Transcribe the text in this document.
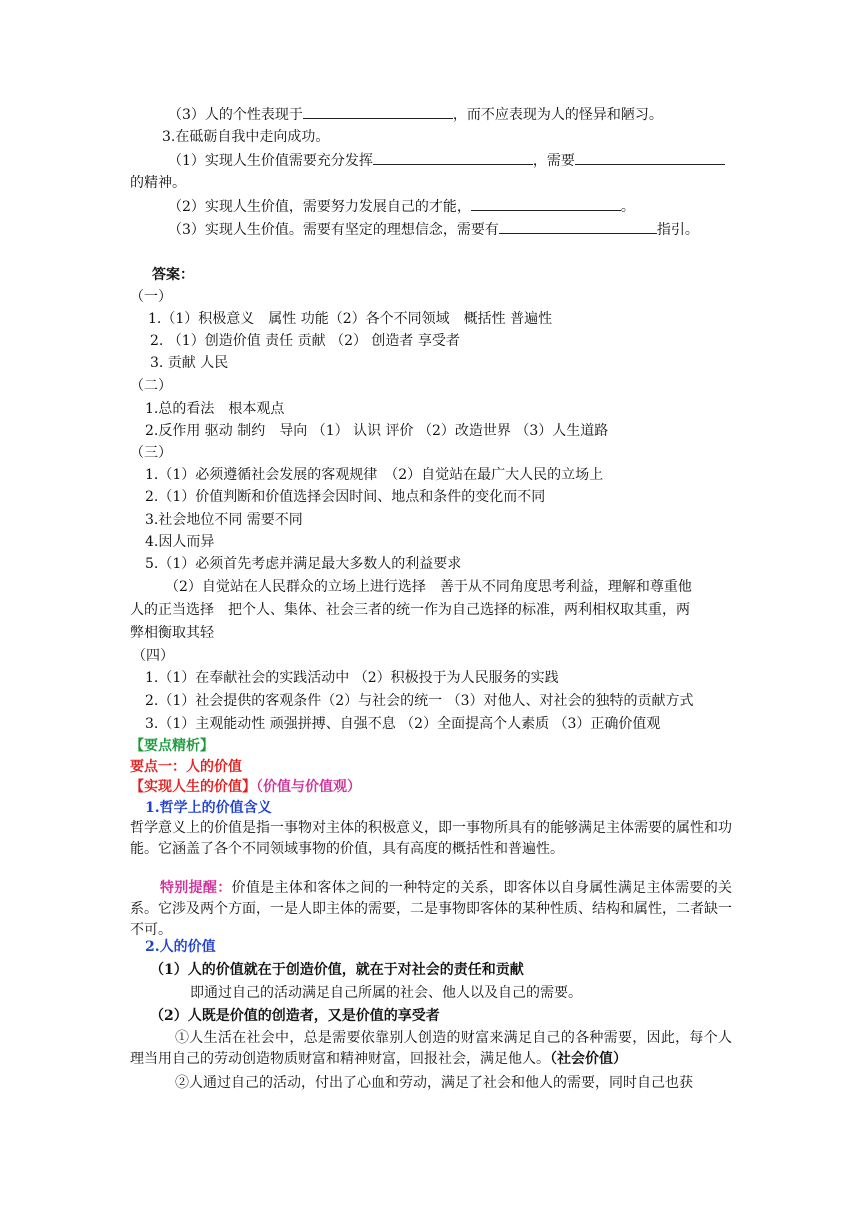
（3）人的个性表现于	，而不应表现为人的怪异和陋习。
3.在砥砺自我中走向成功。
（1）实现人生价值需要充分发挥	，需要
的精神。
（2）实现人生价值，需要努力发展自己的才能，	。
（3）实现人生价值。需要有坚定的理想信念，需要有	指引。
答案：
（一）
1.（1）积极意义　属性 功能（2）各个不同领域　概括性 普遍性
2. （1）创造价值 责任 贡献 （2） 创造者 享受者
3. 贡献 人民
（二）
1.总的看法　根本观点
2.反作用 驱动 制约　导向 （1） 认识 评价 （2）改造世界 （3）人生道路
（三）
1.（1）必须遵循社会发展的客观规律　（2）自觉站在最广大人民的立场上
2.（1）价值判断和价值选择会因时间、地点和条件的变化而不同
3.社会地位不同 需要不同
4.因人而异
5.（1）必须首先考虑并满足最大多数人的利益要求
（2）自觉站在人民群众的立场上进行选择　善于从不同角度思考利益，理解和尊重他
人的正当选择　把个人、集体、社会三者的统一作为自己选择的标准，两利相权取其重，两
弊相衡取其轻
（四）
1.（1）在奉献社会的实践活动中 （2）积极投于为人民服务的实践
2.（1）社会提供的客观条件（2）与社会的统一 （3）对他人、对社会的独特的贡献方式
3.（1）主观能动性 顽强拼搏、自强不息 （2）全面提高个人素质 （3）正确价值观
【要点精析】
要点一：人的价值
【实现人生的价值】（价值与价值观）
1.哲学上的价值含义
哲学意义上的价值是指一事物对主体的积极意义，即一事物所具有的能够满足主体需要的属性和功能。它涵盖了各个不同领域事物的价值，具有高度的概括性和普遍性。
特别提醒：价值是主体和客体之间的一种特定的关系，即客体以自身属性满足主体需要的关系。它涉及两个方面，一是人即主体的需要，二是事物即客体的某种性质、结构和属性，二者缺一不可。
2.人的价值
（1）人的价值就在于创造价值，就在于对社会的责任和贡献
即通过自己的活动满足自己所属的社会、他人以及自己的需要。
（2）人既是价值的创造者，又是价值的享受者
①人生活在社会中，总是需要依靠别人创造的财富来满足自己的各种需要，因此，每个人理当用自己的劳动创造物质财富和精神财富，回报社会，满足他人。（社会价值）
②人通过自己的活动，付出了心血和劳动，满足了社会和他人的需要，同时自己也获
